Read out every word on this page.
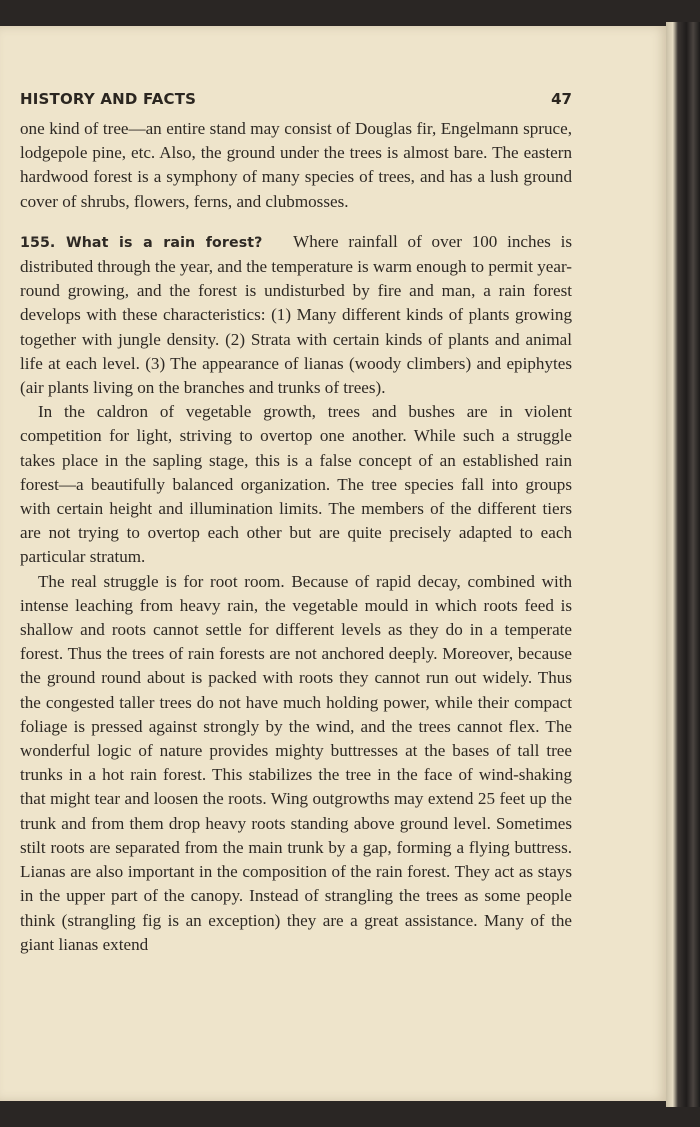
HISTORY AND FACTS	47

one kind of tree—an entire stand may consist of Douglas fir, Engelmann spruce, lodgepole pine, etc. Also, the ground under the trees is almost bare. The eastern hardwood forest is a symphony of many species of trees, and has a lush ground cover of shrubs, flowers, ferns, and clubmosses.

155. What is a rain forest?   Where rainfall of over 100 inches is distributed through the year, and the temperature is warm enough to permit year-round growing, and the forest is undisturbed by fire and man, a rain forest develops with these characteristics: (1) Many different kinds of plants growing together with jungle density. (2) Strata with certain kinds of plants and animal life at each level. (3) The appearance of lianas (woody climbers) and epiphytes (air plants living on the branches and trunks of trees).

In the caldron of vegetable growth, trees and bushes are in violent competition for light, striving to overtop one another. While such a struggle takes place in the sapling stage, this is a false concept of an established rain forest—a beautifully balanced organization. The tree species fall into groups with certain height and illumination limits. The members of the different tiers are not trying to overtop each other but are quite precisely adapted to each particular stratum.

The real struggle is for root room. Because of rapid decay, combined with intense leaching from heavy rain, the vegetable mould in which roots feed is shallow and roots cannot settle for different levels as they do in a temperate forest. Thus the trees of rain forests are not anchored deeply. Moreover, because the ground round about is packed with roots they cannot run out widely. Thus the congested taller trees do not have much holding power, while their compact foliage is pressed against strongly by the wind, and the trees cannot flex. The wonderful logic of nature provides mighty buttresses at the bases of tall tree trunks in a hot rain forest. This stabilizes the tree in the face of wind-shaking that might tear and loosen the roots. Wing outgrowths may extend 25 feet up the trunk and from them drop heavy roots standing above ground level. Sometimes stilt roots are separated from the main trunk by a gap, forming a flying buttress. Lianas are also important in the composition of the rain forest. They act as stays in the upper part of the canopy. Instead of strangling the trees as some people think (strangling fig is an exception) they are a great assistance. Many of the giant lianas extend
